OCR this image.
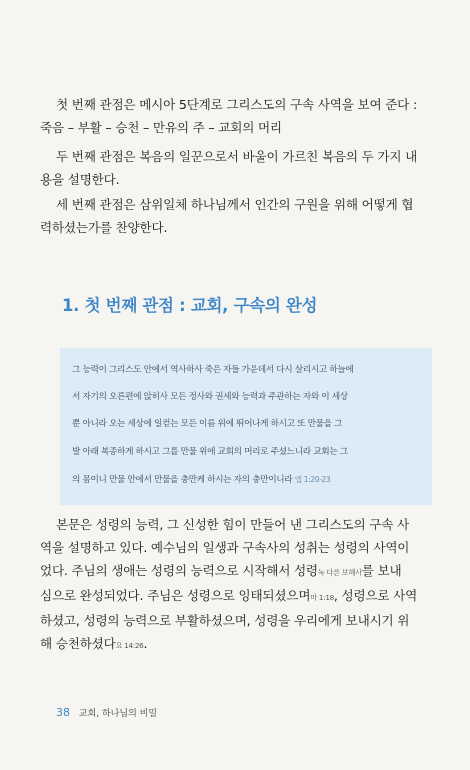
첫 번째 관점은 메시아 5단계로 그리스도의 구속 사역을 보여 준다 :
죽음 – 부활 – 승천 – 만유의 주 – 교회의 머리

두 번째 관점은 복음의 일꾼으로서 바울이 가르친 복음의 두 가지 내
용을 설명한다.

세 번째 관점은 삼위일체 하나님께서 인간의 구원을 위해 어떻게 협
력하셨는가를 찬양한다.

1. 첫 번째 관점 : 교회, 구속의 완성
그 능력이 그리스도 안에서 역사하사 죽은 자들 가운데서 다시 살리시고 하늘에
서 자기의 오른편에 앉히사 모든 정사와 권세와 능력과 주관하는 자와 이 세상
뿐 아니라 오는 세상에 일컫는 모든 이름 위에 뛰어나게 하시고 또 만물을 그
발 아래 복종하게 하시고 그를 만물 위에 교회의 머리로 주셨느니라 교회는 그
의 몸이니 만물 안에서 만물을 충만케 하시는 자의 충만이니라 엡 1:20-23

본문은 성령의 능력, 그 신성한 힘이 만들어 낸 그리스도의 구속 사
역을 설명하고 있다. 예수님의 일생과 구속사의 성취는 성령의 사역이
었다. 주님의 생애는 성령의 능력으로 시작해서 성령눅 다른 보혜사를 보내
심으로 완성되었다. 주님은 성령으로 잉태되셨으며마 1:18, 성령으로 사역
하셨고, 성령의 능력으로 부활하셨으며, 성령을 우리에게 보내시기 위
해 승천하셨다요 14:26.

38 교회, 하나님의 비밀
